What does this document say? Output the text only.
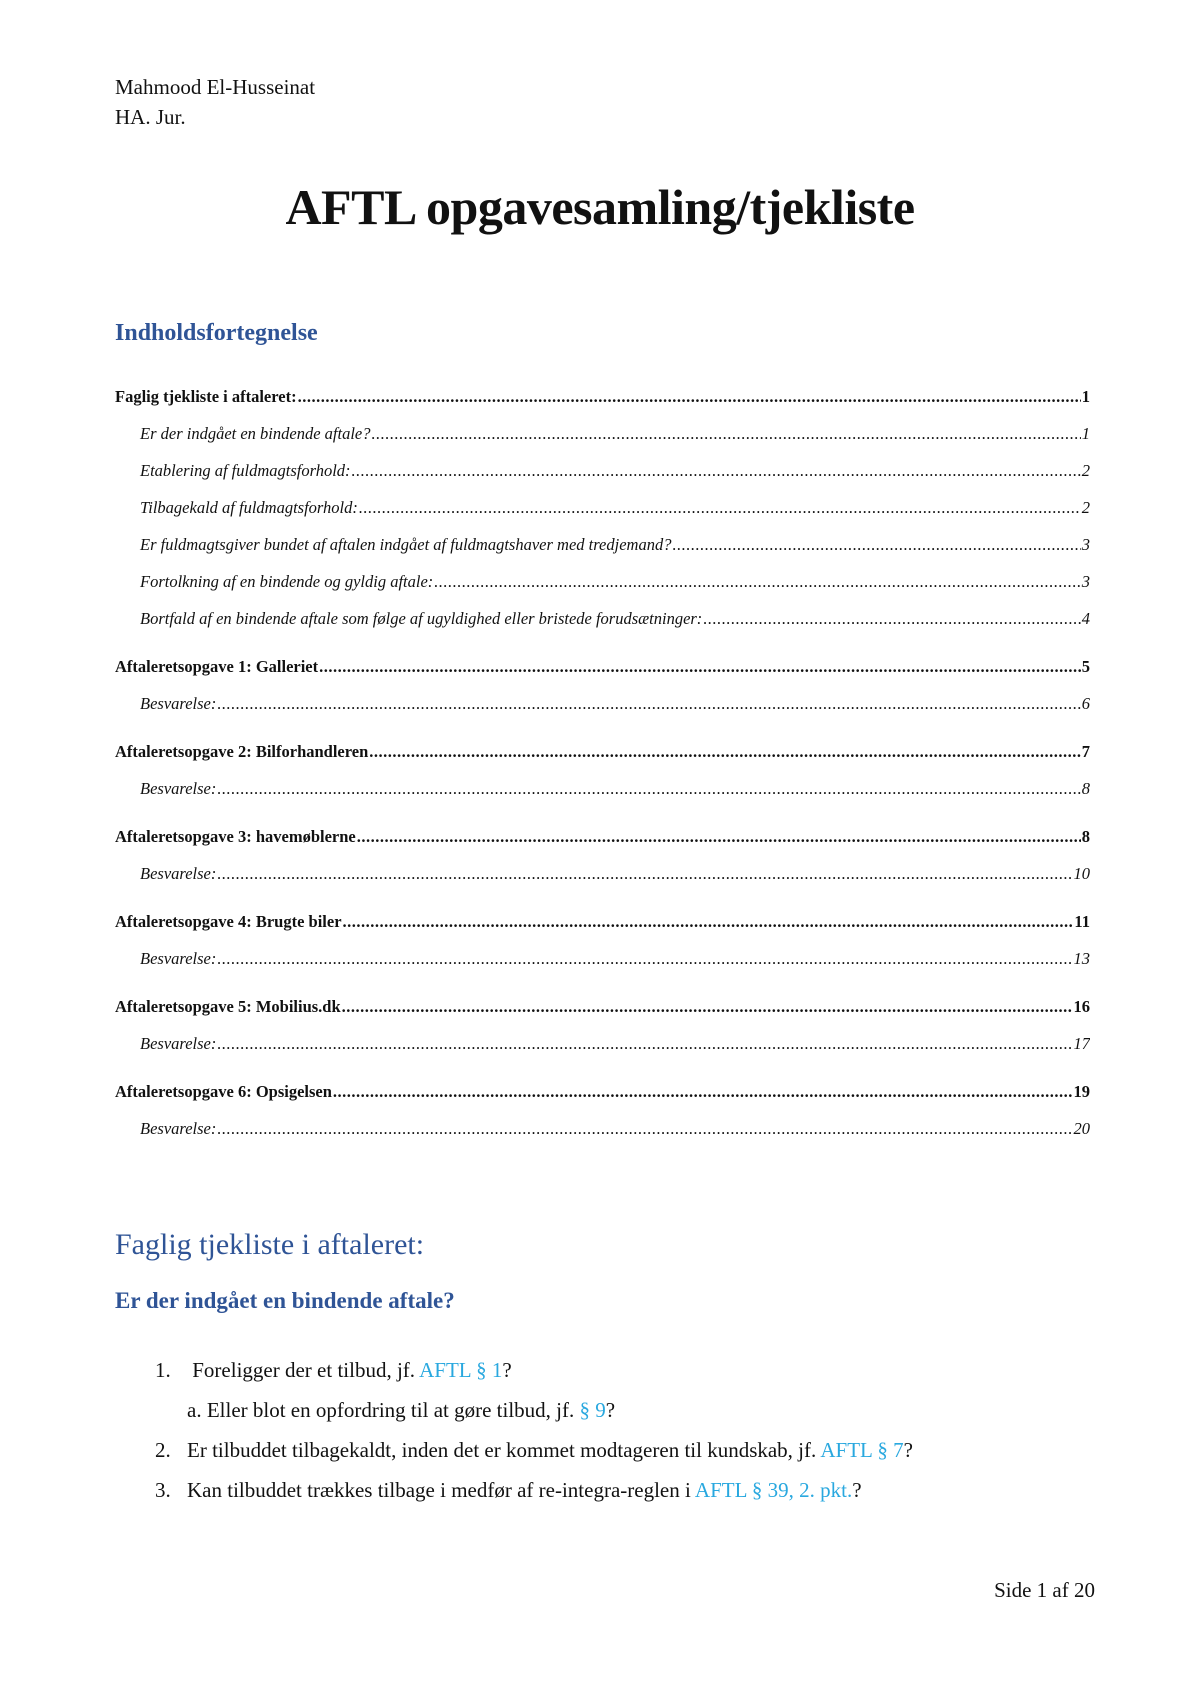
Mahmood El-Husseinat
HA. Jur.
AFTL opgavesamling/tjekliste
Indholdsfortegnelse
Faglig tjekliste i aftaleret: .....	1
Er der indgået en bindende aftale? .....	1
Etablering af fuldmagtsforhold: .....	2
Tilbagekald af fuldmagtsforhold: .....	2
Er fuldmagtsgiver bundet af aftalen indgået af fuldmagtshaver med tredjemand? .....	3
Fortolkning af en bindende og gyldig aftale: .....	3
Bortfald af en bindende aftale som følge af ugyldighed eller bristede forudsætninger: .....	4
Aftaleretsopgave 1: Galleriet .....	5
Besvarelse: .....	6
Aftaleretsopgave 2: Bilforhandleren .....	7
Besvarelse: .....	8
Aftaleretsopgave 3: havemøblerne .....	8
Besvarelse: .....	10
Aftaleretsopgave 4: Brugte biler .....	11
Besvarelse: .....	13
Aftaleretsopgave 5: Mobilius.dk .....	16
Besvarelse: .....	17
Aftaleretsopgave 6: Opsigelsen .....	19
Besvarelse: .....	20
Faglig tjekliste i aftaleret:
Er der indgået en bindende aftale?
1. Foreligger der et tilbud, jf. AFTL § 1?
a. Eller blot en opfordring til at gøre tilbud, jf. § 9?
2. Er tilbuddet tilbagekaldt, inden det er kommet modtageren til kundskab, jf. AFTL § 7?
3. Kan tilbuddet trækkes tilbage i medfør af re-integra-reglen i AFTL § 39, 2. pkt.?
Side 1 af 20
